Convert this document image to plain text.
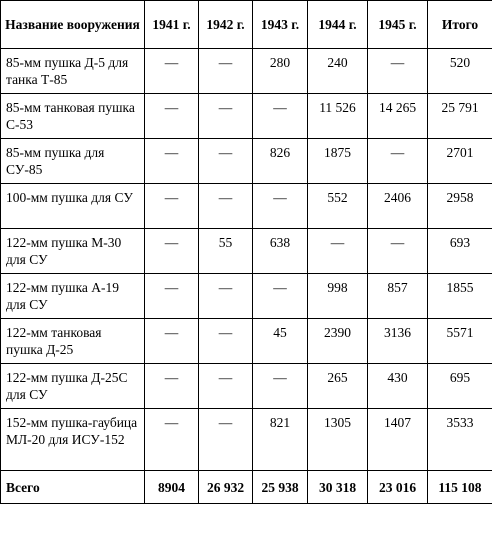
Название вооружения	1941 г.	1942 г.	1943 г.	1944 г.	1945 г.	Итого
85-мм пушка Д-5 для танка Т-85	—	—	280	240	—	520
85-мм танковая пушка С-53	—	—	—	11 526	14 265	25 791
85-мм пушка для СУ-85	—	—	826	1875	—	2701
100-мм пушка для СУ	—	—	—	552	2406	2958
122-мм пушка М-30 для СУ	—	55	638	—	—	693
122-мм пушка А-19 для СУ	—	—	—	998	857	1855
122-мм танковая пушка Д-25	—	—	45	2390	3136	5571
122-мм пушка Д-25С для СУ	—	—	—	265	430	695
152-мм пушка-гаубица МЛ-20 для ИСУ-152	—	—	821	1305	1407	3533
Всего	8904	26 932	25 938	30 318	23 016	115 108
